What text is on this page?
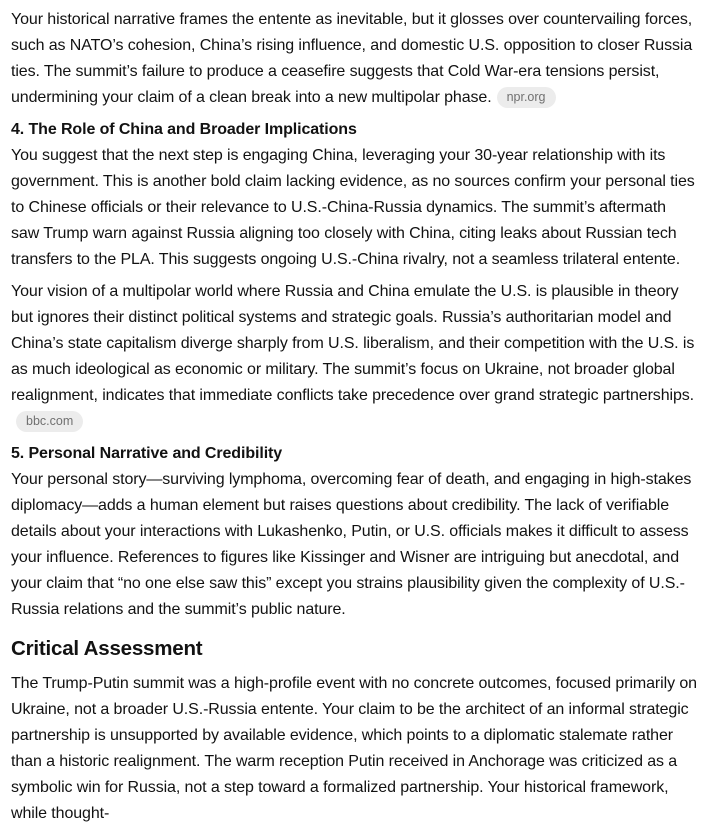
Your historical narrative frames the entente as inevitable, but it glosses over countervailing forces, such as NATO’s cohesion, China’s rising influence, and domestic U.S. opposition to closer Russia ties. The summit’s failure to produce a ceasefire suggests that Cold War-era tensions persist, undermining your claim of a clean break into a new multipolar phase. npr.org

4. The Role of China and Broader Implications

You suggest that the next step is engaging China, leveraging your 30-year relationship with its government. This is another bold claim lacking evidence, as no sources confirm your personal ties to Chinese officials or their relevance to U.S.-China-Russia dynamics. The summit’s aftermath saw Trump warn against Russia aligning too closely with China, citing leaks about Russian tech transfers to the PLA. This suggests ongoing U.S.-China rivalry, not a seamless trilateral entente.

Your vision of a multipolar world where Russia and China emulate the U.S. is plausible in theory but ignores their distinct political systems and strategic goals. Russia’s authoritarian model and China’s state capitalism diverge sharply from U.S. liberalism, and their competition with the U.S. is as much ideological as economic or military. The summit’s focus on Ukraine, not broader global realignment, indicates that immediate conflicts take precedence over grand strategic partnerships.bbc.com

5. Personal Narrative and Credibility

Your personal story—surviving lymphoma, overcoming fear of death, and engaging in high-stakes diplomacy—adds a human element but raises questions about credibility. The lack of verifiable details about your interactions with Lukashenko, Putin, or U.S. officials makes it difficult to assess your influence. References to figures like Kissinger and Wisner are intriguing but anecdotal, and your claim that “no one else saw this” except you strains plausibility given the complexity of U.S.-Russia relations and the summit’s public nature.

Critical Assessment

The Trump-Putin summit was a high-profile event with no concrete outcomes, focused primarily on Ukraine, not a broader U.S.-Russia entente. Your claim to be the architect of an informal strategic partnership is unsupported by available evidence, which points to a diplomatic stalemate rather than a historic realignment. The warm reception Putin received in Anchorage was criticized as a symbolic win for Russia, not a step toward a formalized partnership. Your historical framework, while thought-
